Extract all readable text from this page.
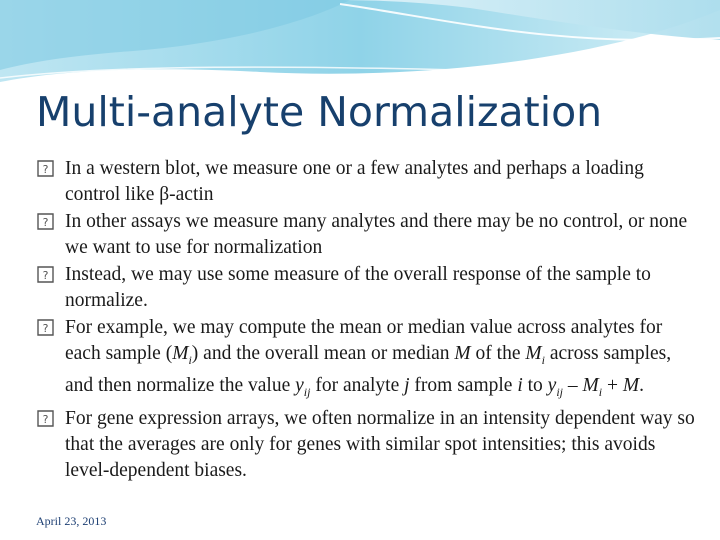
Multi-analyte Normalization
? In a western blot, we measure one or a few analytes and perhaps a loading control like β-actin
? In other assays we measure many analytes and there may be no control, or none we want to use for normalization
? Instead, we may use some measure of the overall response of the sample to normalize.
? For example, we may compute the mean or median value across analytes for each sample $(M_i)$ and the overall mean or median M of the $M_i$ across samples, and then normalize the value $y_{ij}$ for analyte j from sample i to $y_{ij} - M_i + M$.
? For gene expression arrays, we often normalize in an intensity dependent way so that the averages are only for genes with similar spot intensities; this avoids level-dependent biases.
April 23, 2013
